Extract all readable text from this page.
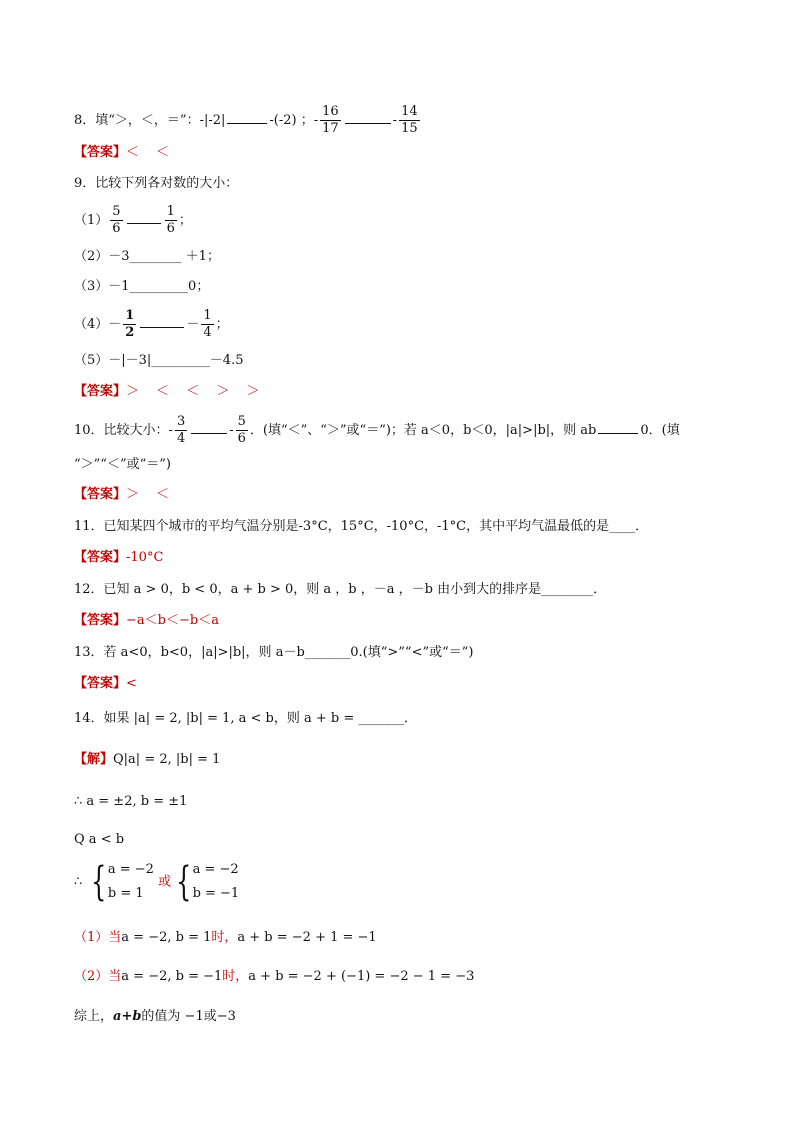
8．填“＞，＜，＝”：-|-2|	-(-2) ；- $\frac{16}{17}$	- $\frac{14}{15}$
【答案】＜　 ＜
9．比较下列各对数的大小：
$(1) \frac{5}{6}$	$\frac{1}{6}$ ；
（2）－3________ ＋1；
（3）－1_________0；
$(4)- \frac{1}{2}$	－ $\frac{1}{4}$ ；
（5）－|－3|_________－4.5
【答案】＞　 ＜　 ＜　 ＞　 ＞
10．比较大小：- $\frac{3}{4}$	- $\frac{5}{6}$ ．(填“＜”、“＞”或“＝”)；若 a＜0，b＜0，|a|>|b|，则 ab	0．(填
“＞”“＜”或“＝”)
【答案】＞　 ＜
11．已知某四个城市的平均气温分别是-3°C，15°C，-10°C，-1°C，其中平均气温最低的是____．
【答案】-10°C
12．已知 a > 0，b < 0，a + b > 0，则 a ，b ，－a ，－b 由小到大的排序是________．
【答案】−a＜b＜−b＜a
13．若 a<0，b<0，|a|>|b|，则 a－b_______0.(填“>”“<”或“＝”)
【答案】<
14．如果 |a| = 2, |b| = 1, a < b，则 a + b = _______．
【解】Q|a| = 2, |b| = 1
∴ a = ±2, b = ±1
Q a < b
∴ { a = −2
b = 1
或 { a = −2
b = −1
（1）当a = −2, b = 1时，a + b = −2 + 1 = −1
（2）当a = −2, b = −1时，a + b = −2 + (−1) = −2 − 1 = −3
综上，a+b的值为 −1或−3
